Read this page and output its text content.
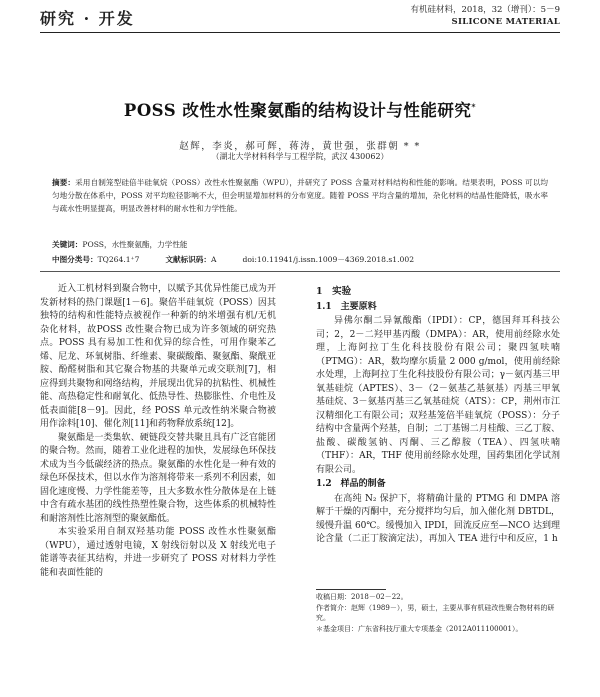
研究 · 开发	有机硅材料，2018，32（增刊）：5－9
SILICONE MATERIAL
POSS 改性水性聚氨酯的结构设计与性能研究*
赵辉，李炎，郝可辉，蒋涛，黄世强，张群朝 * *
（湖北大学材料科学与工程学院，武汉 430062）
摘要：采用自制笼型硅倍半硅氧烷（POSS）改性水性聚氨酯（WPU），并研究了 POSS 含量对材料结构和性能的影响。结果表明，POSS 可以均匀地分散在体系中，POSS 对平均粒径影响不大，但会明显增加材料的分布宽度。随着 POSS 平均含量的增加，杂化材料的结晶性能降低，吸水率与疏水性明显提高，明显改善材料的耐水性和力学性能。
关键词：POSS，水性聚氨酯，力学性能
中图分类号：TQ264.1⁺7	文献标识码：A	doi:10.11941/j.issn.1009－4369.2018.s1.002

近入工机材料到聚合物中，以赋予其优异性能已成为开发新材料的热门课题[1－6]。聚倍半硅氧烷（POSS）因其独特的结构和性能特点被视作一种新的纳米增强有机/无机杂化材料，故POSS 改性聚合物已成为许多领域的研究热点。POSS 具有易加工性和优异的综合性，可用作聚苯乙烯、尼龙、环氧树脂、纤维素、聚碳酸酯、聚氨酯、聚酰亚胺、酚醛树脂和其它聚合物基的共聚单元或交联剂[7]，相应得到共聚物和网络结构，并展现出优异的抗粘性、机械性能、高热稳定性和耐氧化、低热导性、热膨胀性、介电性及低表面能[8－9]。因此，经 POSS 单元改性纳米聚合物被用作涂料[10]、催化剂[11]和药物释放系统[12]。

聚氨酯是一类集软、硬链段交替共聚且具有广泛官能团的聚合物。然而，随着工业化进程的加快，发展绿色环保技术成为当今低碳经济的热点。聚氨酯的水性化是一种有效的绿色环保技术，但以水作为溶剂将带来一系列不利因素，如固化速度慢、力学性能差等，且大多数水性分散体是在上链中含有疏水基团的线性热塑性聚合物，这些体系的机械特性和耐溶剂性比溶剂型的聚氨酯低。

本实验采用自制双羟基功能 POSS 改性水性聚氨酯（WPU），通过透射电镜，X 射线衍射以及 X 射线光电子能谱等表征其结构，并进一步研究了 POSS 对材料力学性能和表面性能的

1　实验
1.1　主要原料

异佛尔酮二异氰酸酯（IPDI）：CP，德国拜耳科技公司；2，2－二羟甲基丙酸（DMPA）：AR，使用前经除水处理，上海阿拉丁生化科技股份有限公司；聚四氢呋喃（PTMG）：AR，数均摩尔质量 2 000 g/mol，使用前经除水处理，上海阿拉丁生化科技股份有限公司；γ－氨丙基三甲氧基硅烷（APTES）、3－（2－氨基乙基氨基）丙基三甲氧基硅烷、3－氨基丙基三乙氧基硅烷（ATS）：CP，荆州市江汉精细化工有限公司；双羟基笼倍半硅氧烷（POSS）：分子结构中含量两个羟基，自制；二丁基锡二月桂酸、三乙丁胺、盐酸、碳酸氢钠、丙酮、三乙醇胺（TEA）、四氢呋喃（THF）：AR，THF 使用前经除水处理，国药集团化学试剂有限公司。

1.2　样品的制备

在高纯 N₂ 保护下，将精确计量的 PTMG 和 DMPA 溶解于干燥的丙酮中，充分搅拌均匀后，加入催化剂 DBTDL，缓慢升温 60℃。缓慢加入 IPDI，回流反应至—NCO 达到理论含量（二正丁胺滴定法），再加入 TEA 进行中和反应，1 h

收稿日期：2018－02－22。
作者简介：赵辉（1989－），男，硕士，主要从事有机硅改性聚合物材料的研究。
＊基金项目：广东省科技厅重大专项基金（2012A011100001）。
